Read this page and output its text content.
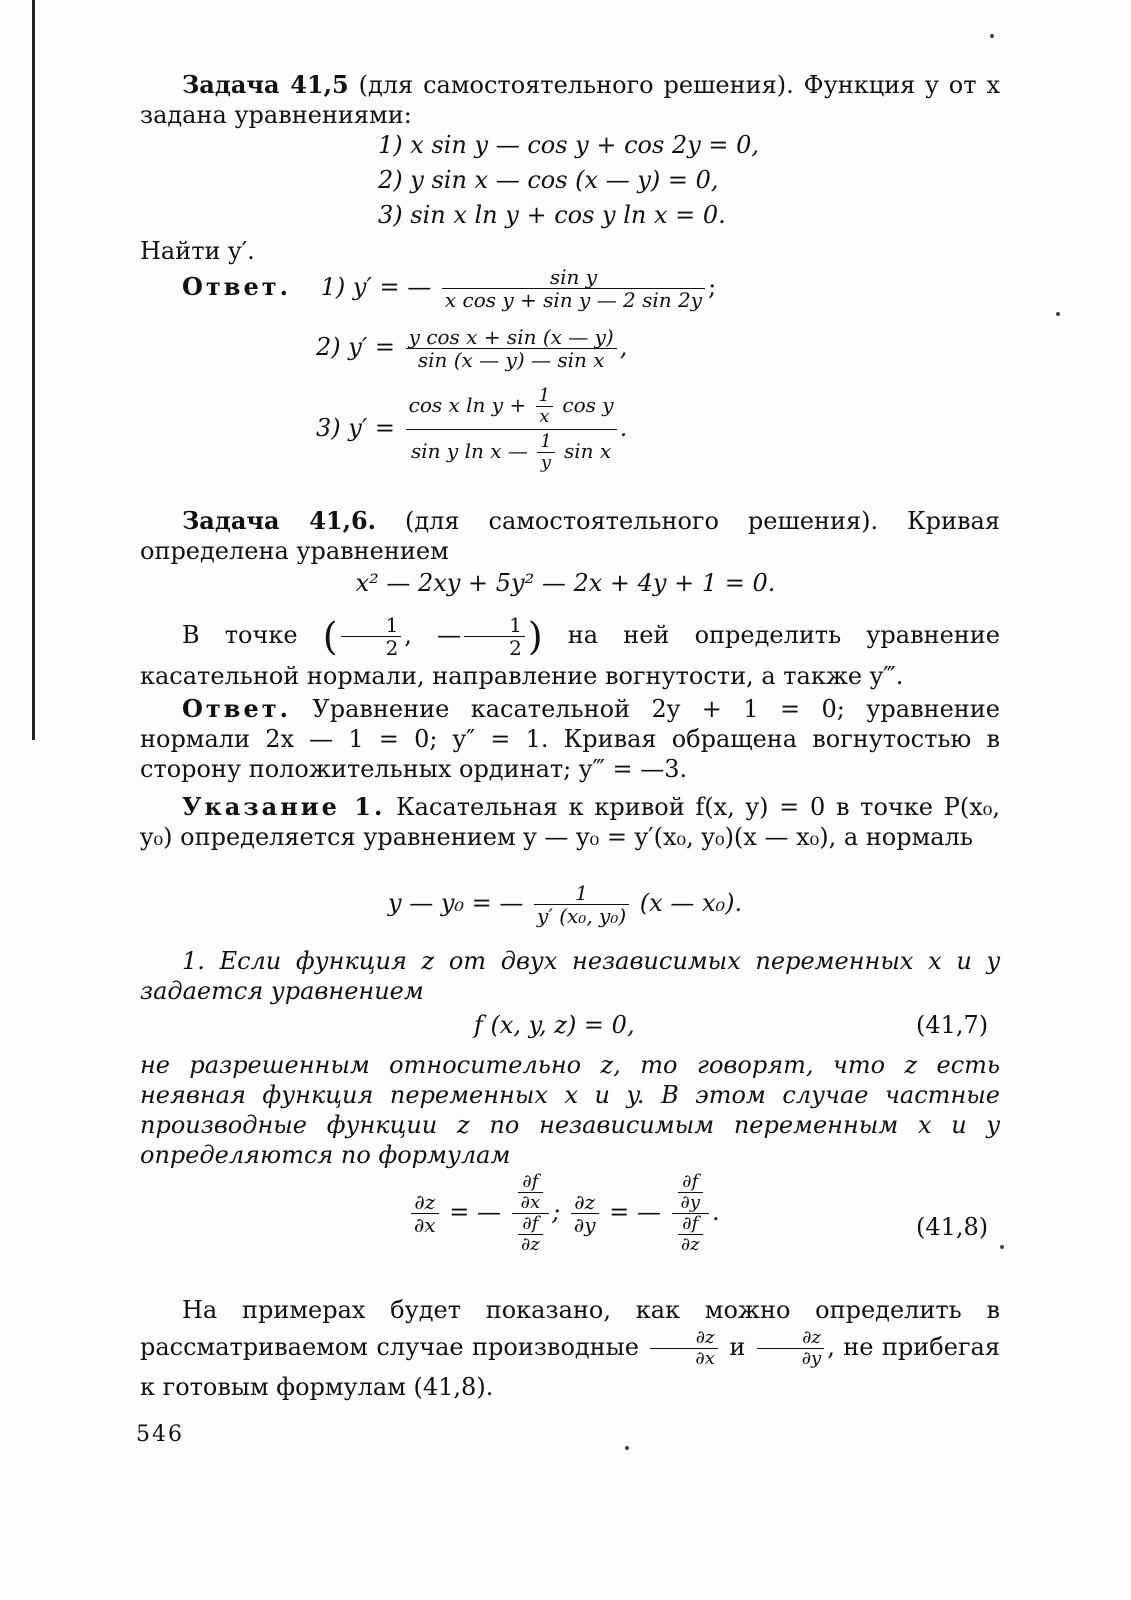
Задача 41,5 (для самостоятельного решения). Функция y от x задана уравнениями:
1) x sin y — cos y + cos 2y = 0,
2) y sin x — cos (x — y) = 0,
3) sin x ln y + cos y ln x = 0.
Найти y′.
Ответ. 1) y′ = — $\frac{\text{sin y}}{\text{x cos y + sin y — 2 sin 2y}}$ ;
2) $y' = \frac{\text{y cos x + sin (x — y)}}{\text{sin (x — y) — sin x}}$ ,
3) y′ =
cos x $\ln y + \frac{1}{x}$ cos y
sin y ln x — $\frac{1}{y}$ sin x
.
Задача 41,6. (для самостоятельного решения). Кривая определена уравнением
x² — 2xy + 5y² — 2x + 4y + 1 = 0.
В точке ( $\frac{1}{2}$ , — $\frac{1}{2}$ ) на ней определить уравнение касательной нормали, направление вогнутости, а также y‴.
Ответ. Уравнение касательной 2y + 1 = 0; уравнение нормали 2x — 1 = 0; y″ = 1. Кривая обращена вогнутостью в сторону положительных ординат; y‴ = —3.
Указание 1. Касательная к кривой f(x, y) = 0 в точке P(x₀, y₀) определяется уравнением y — y₀ = y′(x₀, y₀)(x — x₀), а нормаль
y — y₀ = — $\frac{1}{\text{y′ (x₀, y₀)}} (x$ — x₀).
1. Если функция z от двух независимых переменных x и y задается уравнением
f (x, y, z) = 0,	(41,7)
не разрешенным относительно z, то говорят, что z есть неявная функция переменных x и y. В этом случае частные производные функции z по независимым переменным x и y определяются по формулам
$\frac{\partial z}{\partial x}$ = — $\frac{\frac{\partial f}{\partial x}}{\frac{\partial f}{\partial z}}$ ; $\frac{\partial z}{\partial y}$ = — $\frac{\frac{\partial f}{\partial y}}{\frac{\partial f}{\partial z}}$ .
(41,8)
На примерах будет показано, как можно определить в рассматриваемом случае производные $\frac{\partial z}{\partial x}$ и $\frac{\partial z}{\partial y}$ , не прибегая к готовым формулам (41,8).
546
